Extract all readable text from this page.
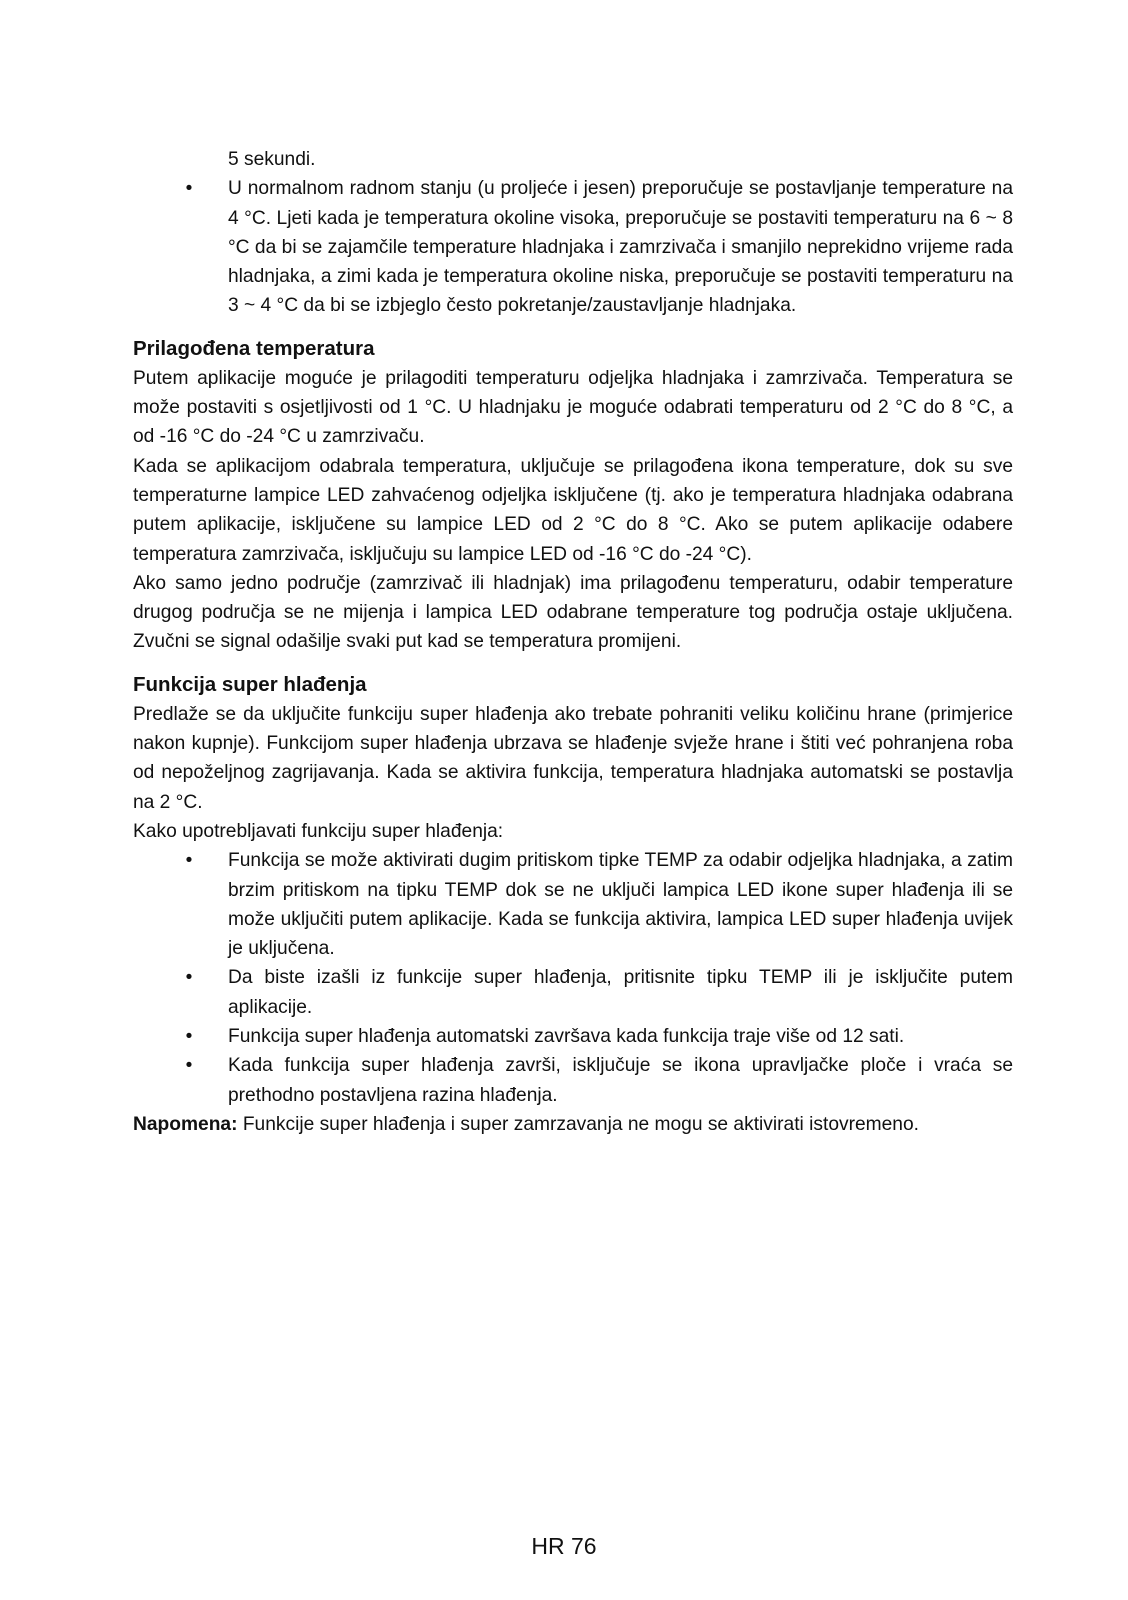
5 sekundi.

•	U normalnom radnom stanju (u proljeće i jesen) preporučuje se postavljanje temperature na 4 °C. Ljeti kada je temperatura okoline visoka, preporučuje se postaviti temperaturu na 6 ~ 8 °C da bi se zajamčile temperature hladnjaka i zamrzivača i smanjilo neprekidno vrijeme rada hladnjaka, a zimi kada je temperatura okoline niska, preporučuje se postaviti temperaturu na 3 ~ 4 °C da bi se izbjeglo često pokretanje/zaustavljanje hladnjaka.
Prilagođena temperatura

Putem aplikacije moguće je prilagoditi temperaturu odjeljka hladnjaka i zamrzivača. Temperatura se može postaviti s osjetljivosti od 1 °C. U hladnjaku je moguće odabrati temperaturu od 2 °C do 8 °C, a od -16 °C do -24 °C u zamrzivaču.

Kada se aplikacijom odabrala temperatura, uključuje se prilagođena ikona temperature, dok su sve temperaturne lampice LED zahvaćenog odjeljka isključene (tj. ako je temperatura hladnjaka odabrana putem aplikacije, isključene su lampice LED od 2 °C do 8 °C. Ako se putem aplikacije odabere temperatura zamrzivača, isključuju su lampice LED od -16 °C do -24 °C).

Ako samo jedno područje (zamrzivač ili hladnjak) ima prilagođenu temperaturu, odabir temperature drugog područja se ne mijenja i lampica LED odabrane temperature tog područja ostaje uključena. Zvučni se signal odašilje svaki put kad se temperatura promijeni.

Funkcija super hlađenja

Predlaže se da uključite funkciju super hlađenja ako trebate pohraniti veliku količinu hrane (primjerice nakon kupnje). Funkcijom super hlađenja ubrzava se hlađenje svježe hrane i štiti već pohranjena roba od nepoželjnog zagrijavanja. Kada se aktivira funkcija, temperatura hladnjaka automatski se postavlja na 2 °C.

Kako upotrebljavati funkciju super hlađenja:

•	Funkcija se može aktivirati dugim pritiskom tipke TEMP za odabir odjeljka hladnjaka, a zatim brzim pritiskom na tipku TEMP dok se ne uključi lampica LED ikone super hlađenja ili se može uključiti putem aplikacije. Kada se funkcija aktivira, lampica LED super hlađenja uvijek je uključena.
•	Da biste izašli iz funkcije super hlađenja, pritisnite tipku TEMP ili je isključite putem aplikacije.
•	Funkcija super hlađenja automatski završava kada funkcija traje više od 12 sati.
•	Kada funkcija super hlađenja završi, isključuje se ikona upravljačke ploče i vraća se prethodno postavljena razina hlađenja.

Napomena: Funkcije super hlađenja i super zamrzavanja ne mogu se aktivirati istovremeno.

HR 76
